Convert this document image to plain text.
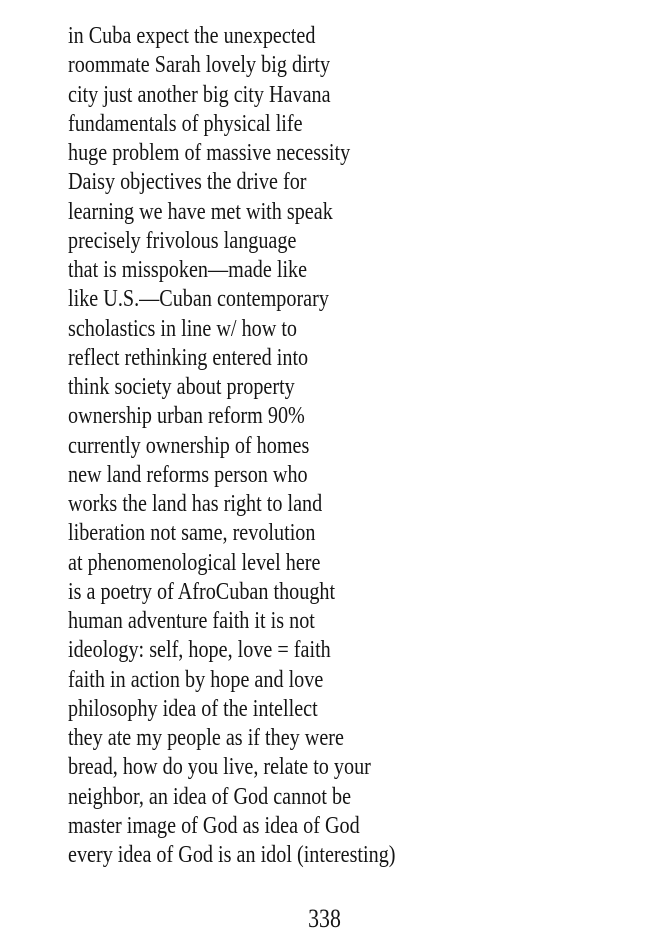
in Cuba expect the unexpected
roommate Sarah lovely big dirty
city just another big city Havana
fundamentals of physical life
huge problem of massive necessity
Daisy objectives the drive for
learning we have met with speak
precisely frivolous language
that is misspoken—made like
like U.S.—Cuban contemporary
scholastics in line w/ how to
reflect rethinking entered into
think society about property
ownership urban reform 90%
currently ownership of homes
new land reforms person who
works the land has right to land
liberation not same, revolution
at phenomenological level here
is a poetry of AfroCuban thought
human adventure faith it is not
ideology: self, hope, love = faith
faith in action by hope and love
philosophy idea of the intellect
they ate my people as if they were
bread, how do you live, relate to your
neighbor, an idea of God cannot be
master image of God as idea of God
every idea of God is an idol (interesting)
338
